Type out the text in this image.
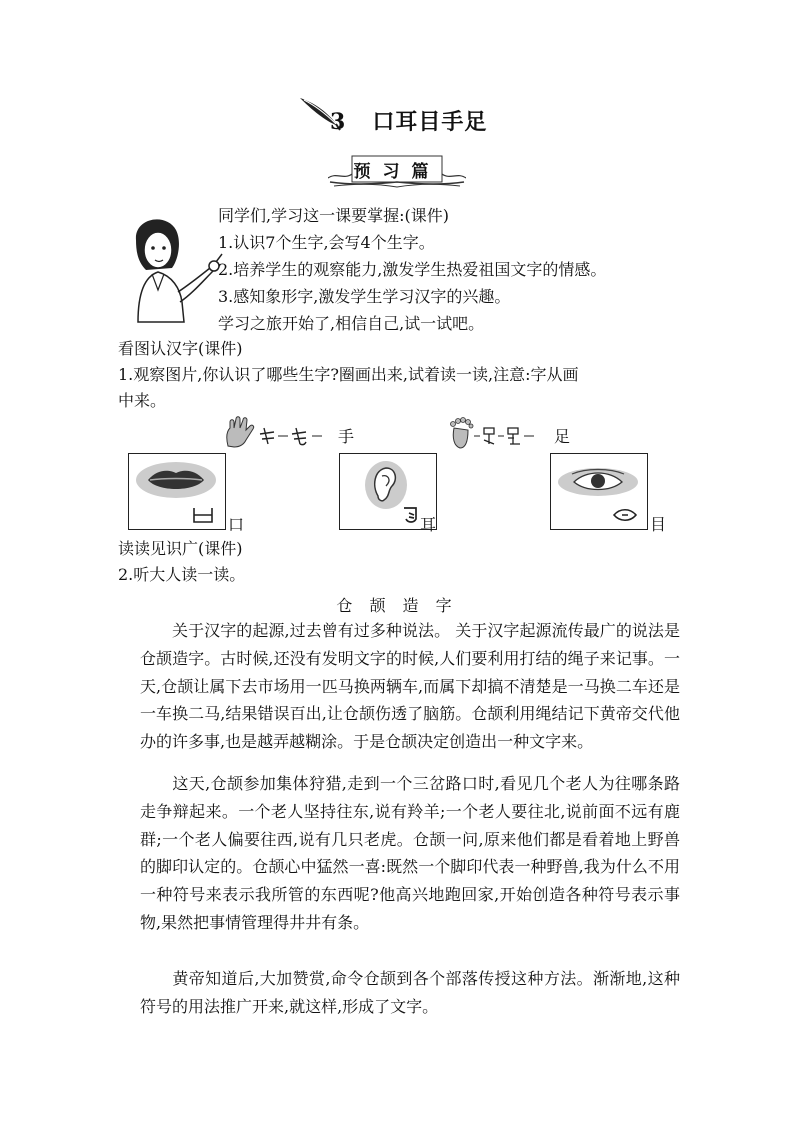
3 口耳目手足
预习篇
同学们,学习这一课要掌握:(课件)
1.认识7个生字,会写4个生字。
2.培养学生的观察能力,激发学生热爱祖国文字的情感。
3.感知象形字,激发学生学习汉字的兴趣。
学习之旅开始了,相信自己,试一试吧。
看图认汉字(课件)
1.观察图片,你认识了哪些生字?圈画出来,试着读一读,注意:字从画
中来。
手	足
口	耳	目
读读见识广(课件)
2.听大人读一读。
仓 颉 造 字
关于汉字的起源,过去曾有过多种说法。 关于汉字起源流传最广的说法是仓颉造字。古时候,还没有发明文字的时候,人们要利用打结的绳子来记事。一天,仓颉让属下去市场用一匹马换两辆车,而属下却搞不清楚是一马换二车还是一车换二马,结果错误百出,让仓颉伤透了脑筋。仓颉利用绳结记下黄帝交代他办的许多事,也是越弄越糊涂。于是仓颉决定创造出一种文字来。
这天,仓颉参加集体狩猎,走到一个三岔路口时,看见几个老人为往哪条路走争辩起来。一个老人坚持往东,说有羚羊;一个老人要往北,说前面不远有鹿群;一个老人偏要往西,说有几只老虎。仓颉一问,原来他们都是看着地上野兽的脚印认定的。仓颉心中猛然一喜:既然一个脚印代表一种野兽,我为什么不用一种符号来表示我所管的东西呢?他高兴地跑回家,开始创造各种符号表示事物,果然把事情管理得井井有条。
黄帝知道后,大加赞赏,命令仓颉到各个部落传授这种方法。渐渐地,这种符号的用法推广开来,就这样,形成了文字。
